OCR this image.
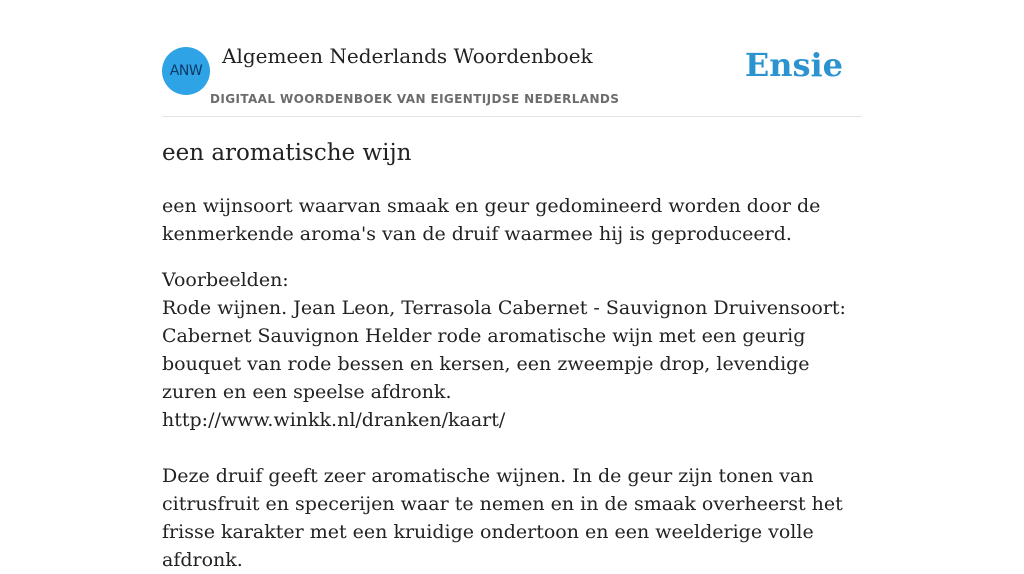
ANW
Algemeen Nederlands Woordenboek
DIGITAAL WOORDENBOEK VAN EIGENTIJDSE NEDERLANDS
Ensie
een aromatische wijn

een wijnsoort waarvan smaak en geur gedomineerd worden door de kenmerkende aroma's van de druif waarmee hij is geproduceerd.

Voorbeelden:

Rode wijnen. Jean Leon, Terrasola Cabernet - Sauvignon Druivensoort: Cabernet Sauvignon Helder rode aromatische wijn met een geurig bouquet van rode bessen en kersen, een zweempje drop, levendige zuren en een speelse afdronk.

http://www.winkk.nl/dranken/kaart/

Deze druif geeft zeer aromatische wijnen. In de geur zijn tonen van citrusfruit en specerijen waar te nemen en in de smaak overheerst het frisse karakter met een kruidige ondertoon en een weelderige volle afdronk.
